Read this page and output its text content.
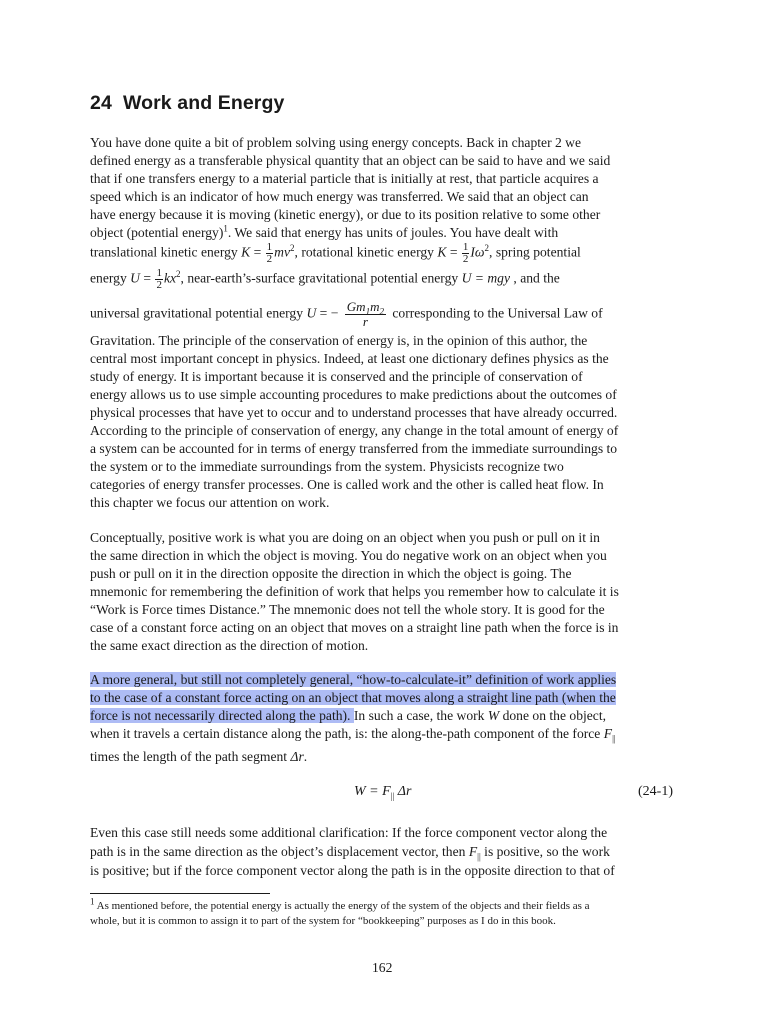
24 Work and Energy

You have done quite a bit of problem solving using energy concepts. Back in chapter 2 we
defined energy as a transferable physical quantity that an object can be said to have and we said
that if one transfers energy to a material particle that is initially at rest, that particle acquires a
speed which is an indicator of how much energy was transferred. We said that an object can
have energy because it is moving (kinetic energy), or due to its position relative to some other
object (potential energy)$^1$. We said that energy has units of joules. You have dealt with

translational kinetic energy $K = \frac{1}{2} mv^2$, rotational kinetic energy $K = \frac{1}{2} I\omega^2$, spring potential

energy $U = \frac{1}{2} kx^2$, near-earth’s-surface gravitational potential energy U = mgy , and the

universal gravitational potential energy U = − $\frac{Gm_1m_2}{r}$ corresponding to the Universal Law of

Gravitation. The principle of the conservation of energy is, in the opinion of this author, the
central most important concept in physics. Indeed, at least one dictionary defines physics as the
study of energy. It is important because it is conserved and the principle of conservation of
energy allows us to use simple accounting procedures to make predictions about the outcomes of
physical processes that have yet to occur and to understand processes that have already occurred.
According to the principle of conservation of energy, any change in the total amount of energy of
a system can be accounted for in terms of energy transferred from the immediate surroundings to
the system or to the immediate surroundings from the system. Physicists recognize two
categories of energy transfer processes. One is called work and the other is called heat flow. In
this chapter we focus our attention on work.

Conceptually, positive work is what you are doing on an object when you push or pull on it in
the same direction in which the object is moving. You do negative work on an object when you
push or pull on it in the direction opposite the direction in which the object is going. The
mnemonic for remembering the definition of work that helps you remember how to calculate it is
“Work is Force times Distance.” The mnemonic does not tell the whole story. It is good for the
case of a constant force acting on an object that moves on a straight line path when the force is in
the same exact direction as the direction of motion.

A more general, but still not completely general, “how-to-calculate-it” definition of work applies
to the case of a constant force acting on an object that moves along a straight line path (when the
force is not necessarily directed along the path). In such a case, the work W done on the object,

when it travels a certain distance along the path, is: the along-the-path component of the force $F_{||}$

times the length of the path segment Δr.

$W = F_{||}$ Δr	(24-1)

Even this case still needs some additional clarification: If the force component vector along the

path is in the same direction as the object’s displacement vector, then $F_{||}$ is positive, so the work

is positive; but if the force component vector along the path is in the opposite direction to that of

$^1$ As mentioned before, the potential energy is actually the energy of the system of the objects and their fields as a
whole, but it is common to assign it to part of the system for “bookkeeping” purposes as I do in this book.
162
